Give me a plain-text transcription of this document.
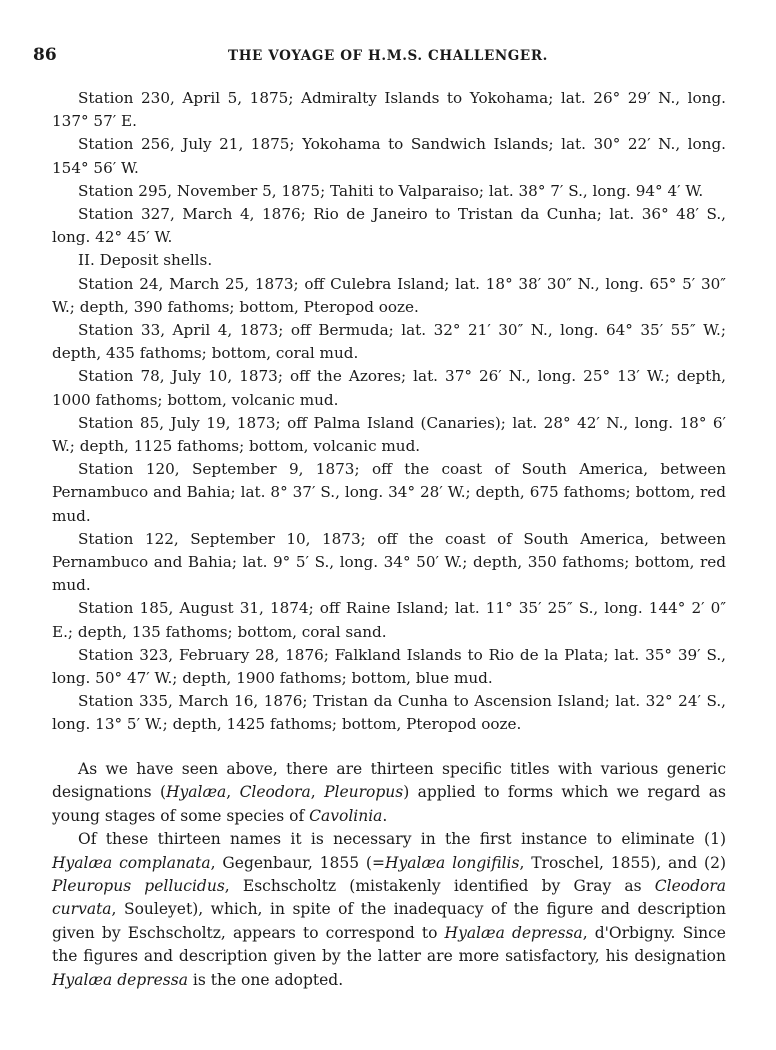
86	THE VOYAGE OF H.M.S. CHALLENGER.

Station 230, April 5, 1875; Admiralty Islands to Yokohama; lat. 26° 29′ N., long. 137° 57′ E.

Station 256, July 21, 1875; Yokohama to Sandwich Islands; lat. 30° 22′ N., long. 154° 56′ W.

Station 295, November 5, 1875; Tahiti to Valparaiso; lat. 38° 7′ S., long. 94° 4′ W.

Station 327, March 4, 1876; Rio de Janeiro to Tristan da Cunha; lat. 36° 48′ S., long. 42° 45′ W.

II. Deposit shells.

Station 24, March 25, 1873; off Culebra Island; lat. 18° 38′ 30″ N., long. 65° 5′ 30″ W.; depth, 390 fathoms; bottom, Pteropod ooze.

Station 33, April 4, 1873; off Bermuda; lat. 32° 21′ 30″ N., long. 64° 35′ 55″ W.; depth, 435 fathoms; bottom, coral mud.

Station 78, July 10, 1873; off the Azores; lat. 37° 26′ N., long. 25° 13′ W.; depth, 1000 fathoms; bottom, volcanic mud.

Station 85, July 19, 1873; off Palma Island (Canaries); lat. 28° 42′ N., long. 18° 6′ W.; depth, 1125 fathoms; bottom, volcanic mud.

Station 120, September 9, 1873; off the coast of South America, between Pernambuco and Bahia; lat. 8° 37′ S., long. 34° 28′ W.; depth, 675 fathoms; bottom, red mud.

Station 122, September 10, 1873; off the coast of South America, between Pernambuco and Bahia; lat. 9° 5′ S., long. 34° 50′ W.; depth, 350 fathoms; bottom, red mud.

Station 185, August 31, 1874; off Raine Island; lat. 11° 35′ 25″ S., long. 144° 2′ 0″ E.; depth, 135 fathoms; bottom, coral sand.

Station 323, February 28, 1876; Falkland Islands to Rio de la Plata; lat. 35° 39′ S., long. 50° 47′ W.; depth, 1900 fathoms; bottom, blue mud.

Station 335, March 16, 1876; Tristan da Cunha to Ascension Island; lat. 32° 24′ S., long. 13° 5′ W.; depth, 1425 fathoms; bottom, Pteropod ooze.

As we have seen above, there are thirteen specific titles with various generic designations (Hyalæa, Cleodora, Pleuropus) applied to forms which we regard as young stages of some species of Cavolinia.

Of these thirteen names it is necessary in the first instance to eliminate (1) Hyalæa complanata, Gegenbaur, 1855 (=Hyalæa longifilis, Troschel, 1855), and (2) Pleuropus pellucidus, Eschscholtz (mistakenly identified by Gray as Cleodora curvata, Souleyet), which, in spite of the inadequacy of the figure and description given by Eschscholtz, appears to correspond to Hyalæa depressa, d'Orbigny. Since the figures and description given by the latter are more satisfactory, his designation Hyalæa depressa is the one adopted.
